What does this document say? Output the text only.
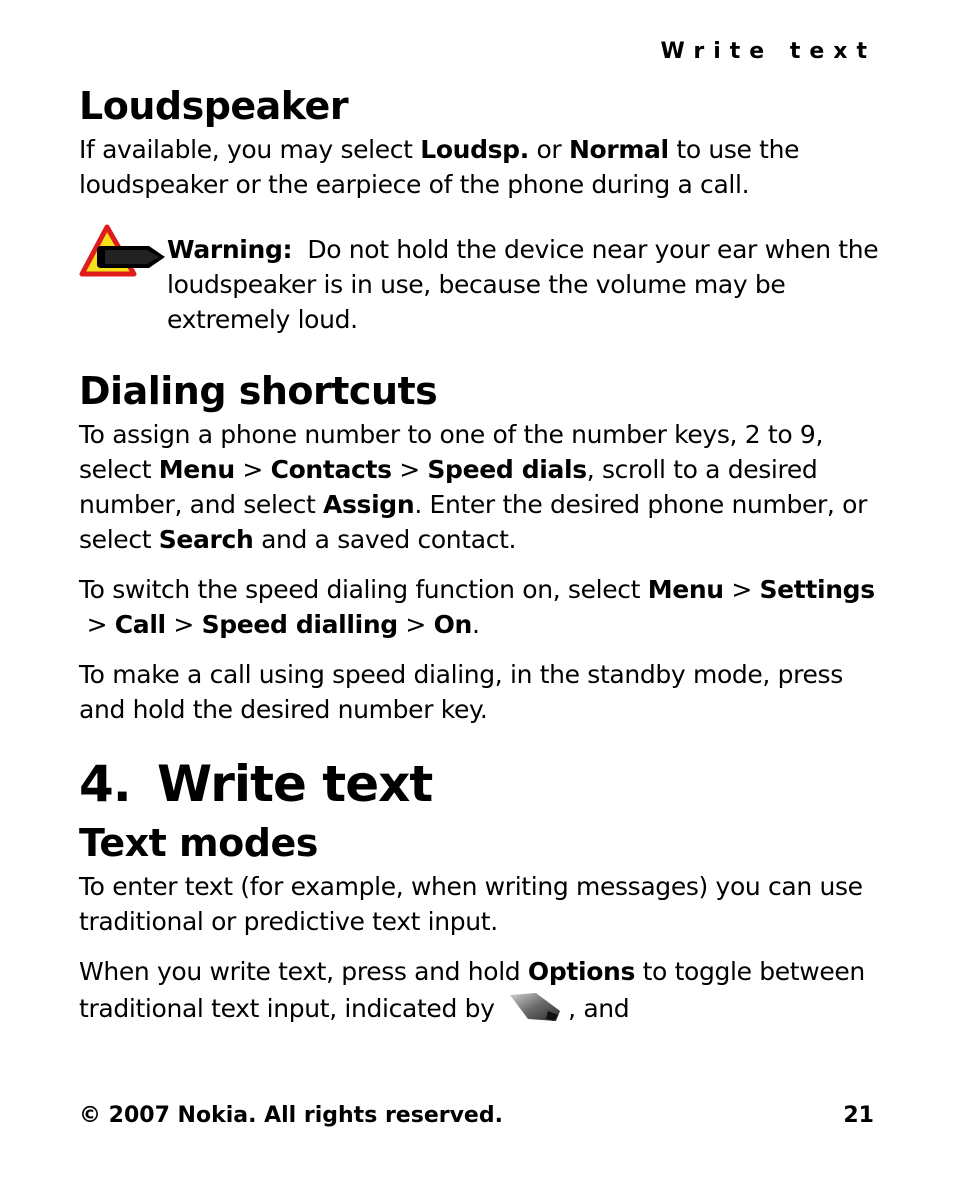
Write text

Loudspeaker

If available, you may select Loudsp. or Normal to use the loudspeaker or the earpiece of the phone during a call.

Warning:  Do not hold the device near your ear when the loudspeaker is in use, because the volume may be extremely loud.

Dialing shortcuts

To assign a phone number to one of the number keys, 2 to 9, select Menu > Contacts > Speed dials, scroll to a desired number, and select Assign. Enter the desired phone number, or select Search and a saved contact.

To switch the speed dialing function on, select Menu > Settings > Call > Speed dialling > On.

To make a call using speed dialing, in the standby mode, press and hold the desired number key.

4. Write text
Text modes

To enter text (for example, when writing messages) you can use traditional or predictive text input.

When you write text, press and hold Options to toggle between traditional text input, indicated by	, and

© 2007 Nokia. All rights reserved.	21
